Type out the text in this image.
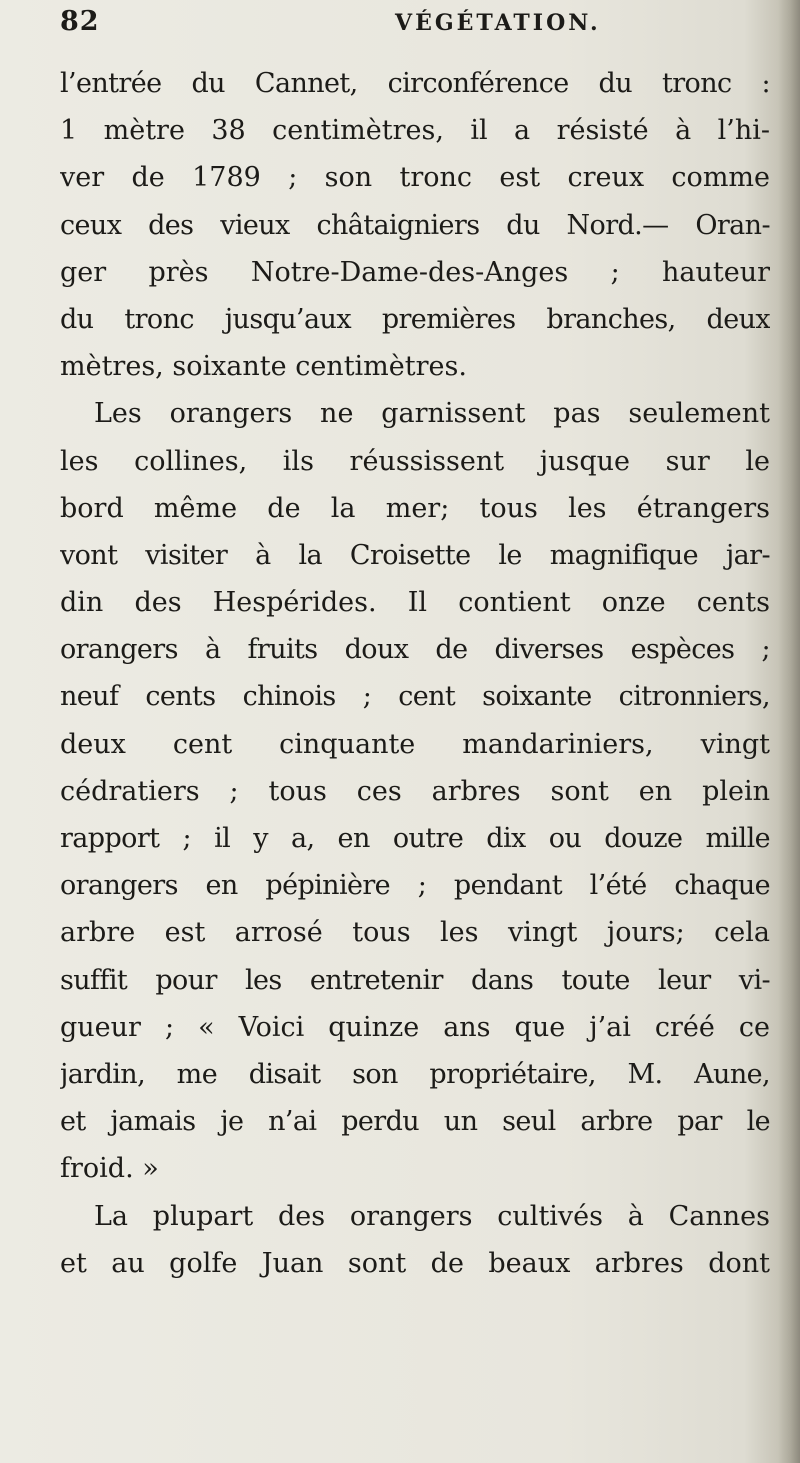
82	VÉGÉTATION.
l’entrée du Cannet, circonférence du tronc :
1 mètre 38 centimètres, il a résisté à l’hi-
ver de 1789 ; son tronc est creux comme
ceux des vieux châtaigniers du Nord.— Oran-
ger près Notre-Dame-des-Anges ; hauteur
du tronc jusqu’aux premières branches, deux
mètres, soixante centimètres.
Les orangers ne garnissent pas seulement
les collines, ils réussissent jusque sur le
bord même de la mer; tous les étrangers
vont visiter à la Croisette le magnifique jar-
din des Hespérides. Il contient onze cents
orangers à fruits doux de diverses espèces ;
neuf cents chinois ; cent soixante citronniers,
deux cent cinquante mandariniers, vingt
cédratiers ; tous ces arbres sont en plein
rapport ; il y a, en outre dix ou douze mille
orangers en pépinière ; pendant l’été chaque
arbre est arrosé tous les vingt jours; cela
suffit pour les entretenir dans toute leur vi-
gueur ; « Voici quinze ans que j’ai créé ce
jardin, me disait son propriétaire, M. Aune,
et jamais je n’ai perdu un seul arbre par le
froid. »
La plupart des orangers cultivés à Cannes
et au golfe Juan sont de beaux arbres dont
